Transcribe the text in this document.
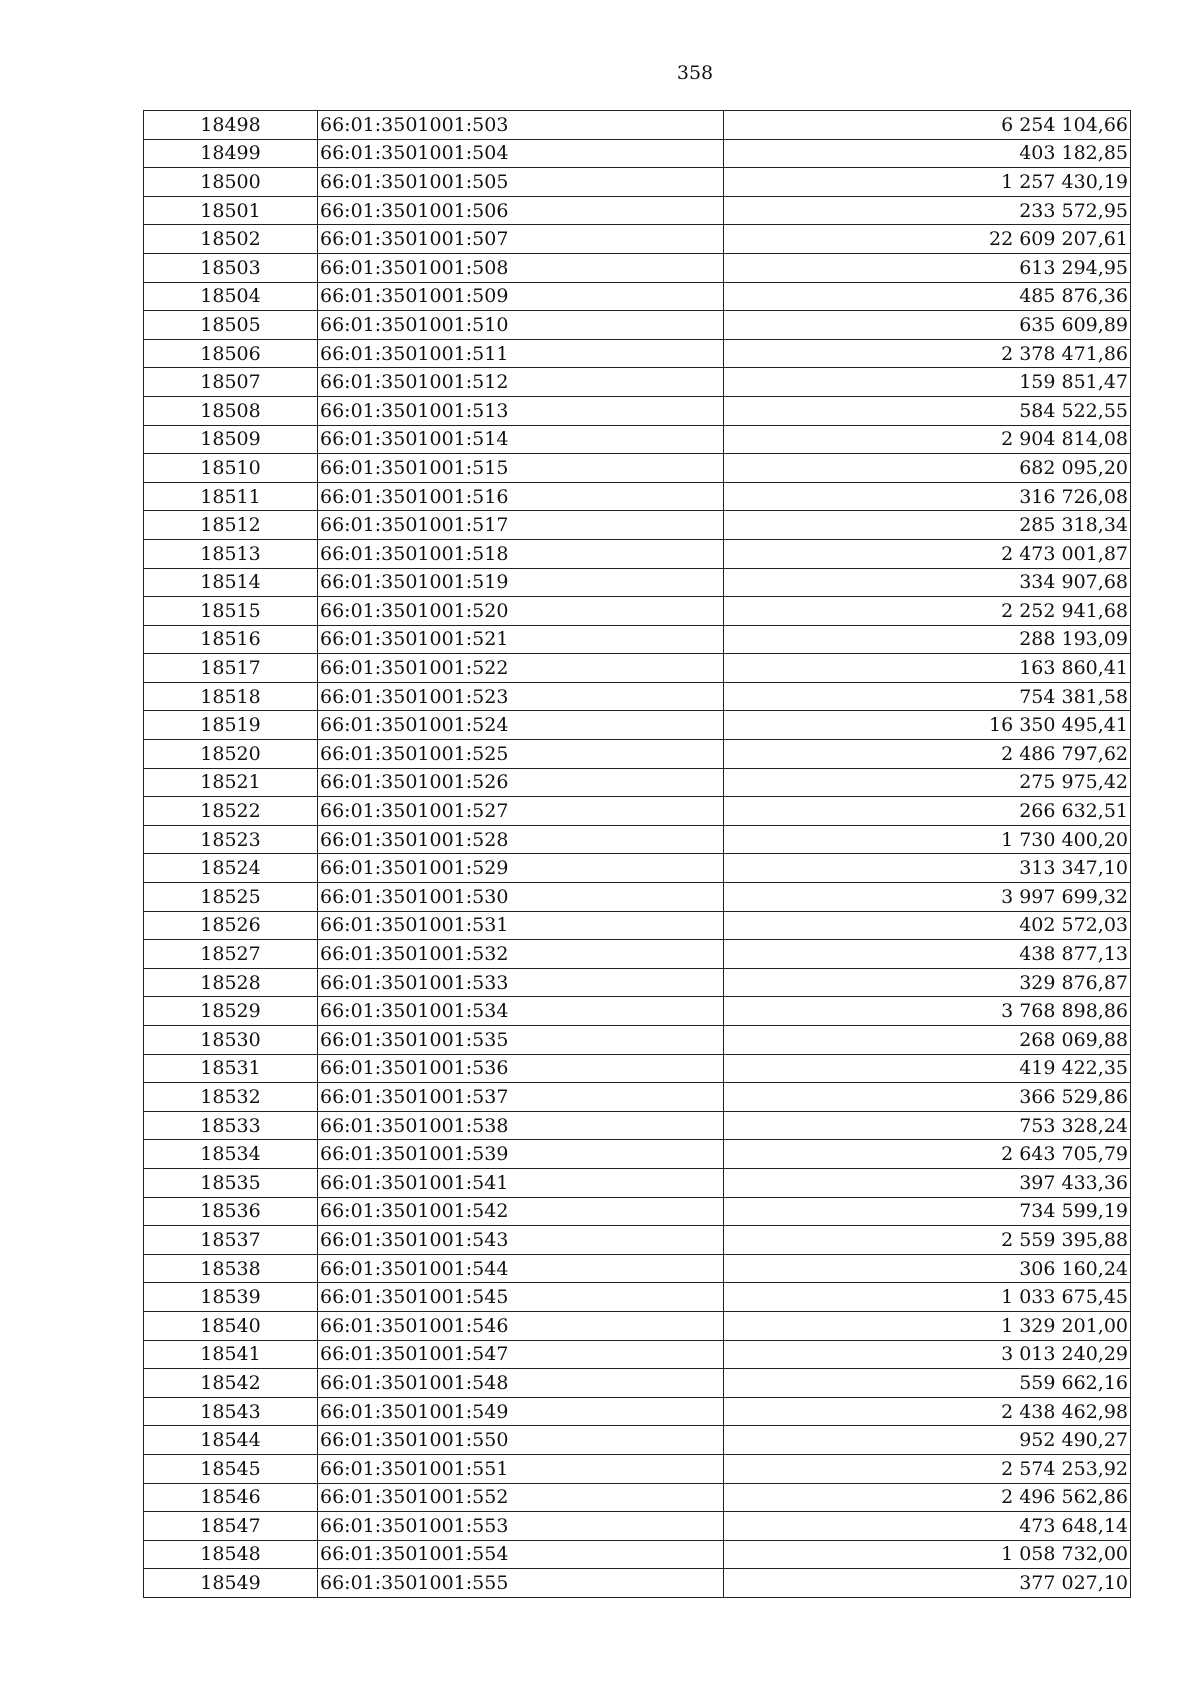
358
18498	66:01:3501001:503	6 254 104,66
18499	66:01:3501001:504	403 182,85
18500	66:01:3501001:505	1 257 430,19
18501	66:01:3501001:506	233 572,95
18502	66:01:3501001:507	22 609 207,61
18503	66:01:3501001:508	613 294,95
18504	66:01:3501001:509	485 876,36
18505	66:01:3501001:510	635 609,89
18506	66:01:3501001:511	2 378 471,86
18507	66:01:3501001:512	159 851,47
18508	66:01:3501001:513	584 522,55
18509	66:01:3501001:514	2 904 814,08
18510	66:01:3501001:515	682 095,20
18511	66:01:3501001:516	316 726,08
18512	66:01:3501001:517	285 318,34
18513	66:01:3501001:518	2 473 001,87
18514	66:01:3501001:519	334 907,68
18515	66:01:3501001:520	2 252 941,68
18516	66:01:3501001:521	288 193,09
18517	66:01:3501001:522	163 860,41
18518	66:01:3501001:523	754 381,58
18519	66:01:3501001:524	16 350 495,41
18520	66:01:3501001:525	2 486 797,62
18521	66:01:3501001:526	275 975,42
18522	66:01:3501001:527	266 632,51
18523	66:01:3501001:528	1 730 400,20
18524	66:01:3501001:529	313 347,10
18525	66:01:3501001:530	3 997 699,32
18526	66:01:3501001:531	402 572,03
18527	66:01:3501001:532	438 877,13
18528	66:01:3501001:533	329 876,87
18529	66:01:3501001:534	3 768 898,86
18530	66:01:3501001:535	268 069,88
18531	66:01:3501001:536	419 422,35
18532	66:01:3501001:537	366 529,86
18533	66:01:3501001:538	753 328,24
18534	66:01:3501001:539	2 643 705,79
18535	66:01:3501001:541	397 433,36
18536	66:01:3501001:542	734 599,19
18537	66:01:3501001:543	2 559 395,88
18538	66:01:3501001:544	306 160,24
18539	66:01:3501001:545	1 033 675,45
18540	66:01:3501001:546	1 329 201,00
18541	66:01:3501001:547	3 013 240,29
18542	66:01:3501001:548	559 662,16
18543	66:01:3501001:549	2 438 462,98
18544	66:01:3501001:550	952 490,27
18545	66:01:3501001:551	2 574 253,92
18546	66:01:3501001:552	2 496 562,86
18547	66:01:3501001:553	473 648,14
18548	66:01:3501001:554	1 058 732,00
18549	66:01:3501001:555	377 027,10
